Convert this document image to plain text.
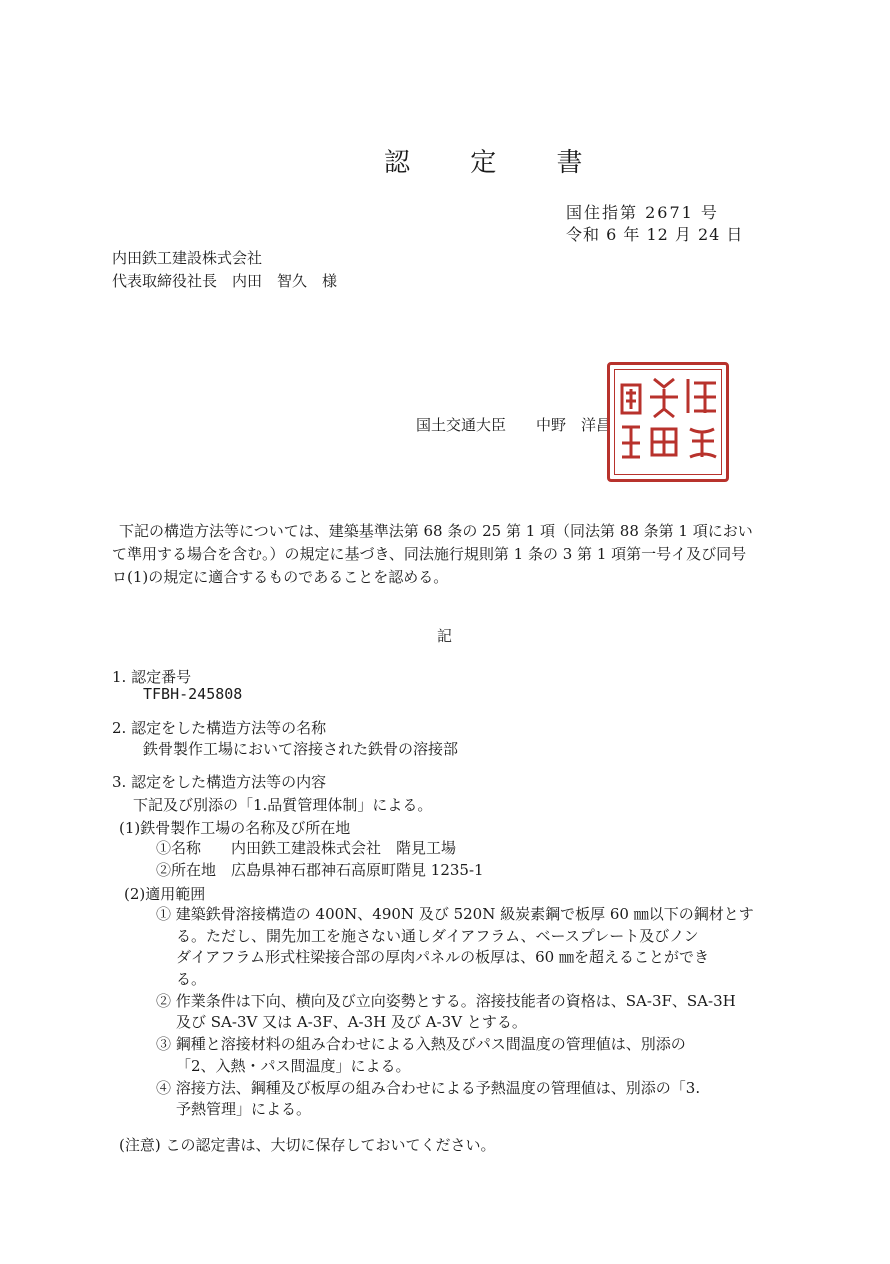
認 定 書
国住指第 2671 号
令和 6 年 12 月 24 日
内田鉄工建設株式会社
代表取締役社長　内田　智久　様
国土交通大臣　　中野　洋昌
下記の構造方法等については、建築基準法第 68 条の 25 第 1 項（同法第 88 条第 1 項におい
て準用する場合を含む。）の規定に基づき、同法施行規則第 1 条の 3 第 1 項第一号イ及び同号
ロ(1)の規定に適合するものであることを認める。
記
1. 認定番号
TFBH-245808
2. 認定をした構造方法等の名称
鉄骨製作工場において溶接された鉄骨の溶接部
3. 認定をした構造方法等の内容
下記及び別添の「1.品質管理体制」による。
(1)鉄骨製作工場の名称及び所在地
①名称　　内田鉄工建設株式会社　階見工場
②所在地　広島県神石郡神石高原町階見 1235-1
(2)適用範囲
① 建築鉄骨溶接構造の 400N、490N 及び 520N 級炭素鋼で板厚 60 ㎜以下の鋼材とす
る。ただし、開先加工を施さない通しダイアフラム、ベースプレート及びノン
ダイアフラム形式柱梁接合部の厚肉パネルの板厚は、60 ㎜を超えることができ
る。
② 作業条件は下向、横向及び立向姿勢とする。溶接技能者の資格は、SA-3F、SA-3H
及び SA-3V 又は A-3F、A-3H 及び A-3V とする。
③ 鋼種と溶接材料の組み合わせによる入熱及びパス間温度の管理値は、別添の
「2、入熱・パス間温度」による。
④ 溶接方法、鋼種及び板厚の組み合わせによる予熱温度の管理値は、別添の「3.
予熱管理」による。
(注意) この認定書は、大切に保存しておいてください。
